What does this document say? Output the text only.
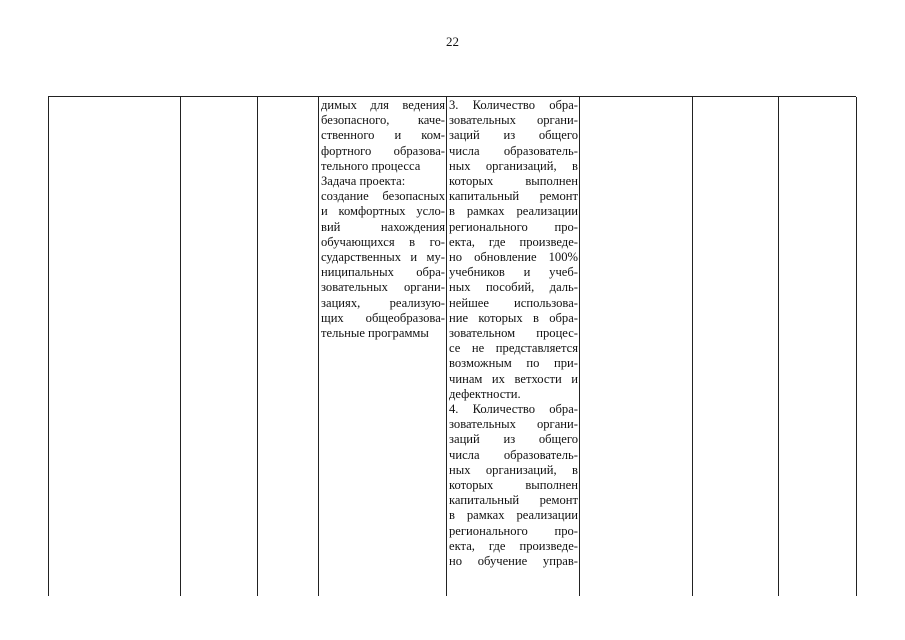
22
димых для ведения
безопасного, каче-
ственного и ком-
фортного образова-
тельного процесса
Задача проекта:
создание безопасных
и комфортных усло-
вий нахождения
обучающихся в го-
сударственных и му-
ниципальных обра-
зовательных органи-
зациях, реализую-
щих общеобразова-
тельные программы
3. Количество обра-
зовательных органи-
заций из общего
числа образователь-
ных организаций, в
которых выполнен
капитальный ремонт
в рамках реализации
регионального про-
екта, где произведе-
но обновление 100%
учебников и учеб-
ных пособий, даль-
нейшее использова-
ние которых в обра-
зовательном процес-
се не представляется
возможным по при-
чинам их ветхости и
дефектности.
4. Количество обра-
зовательных органи-
заций из общего
числа образователь-
ных организаций, в
которых выполнен
капитальный ремонт
в рамках реализации
регионального про-
екта, где произведе-
но обучение управ-
